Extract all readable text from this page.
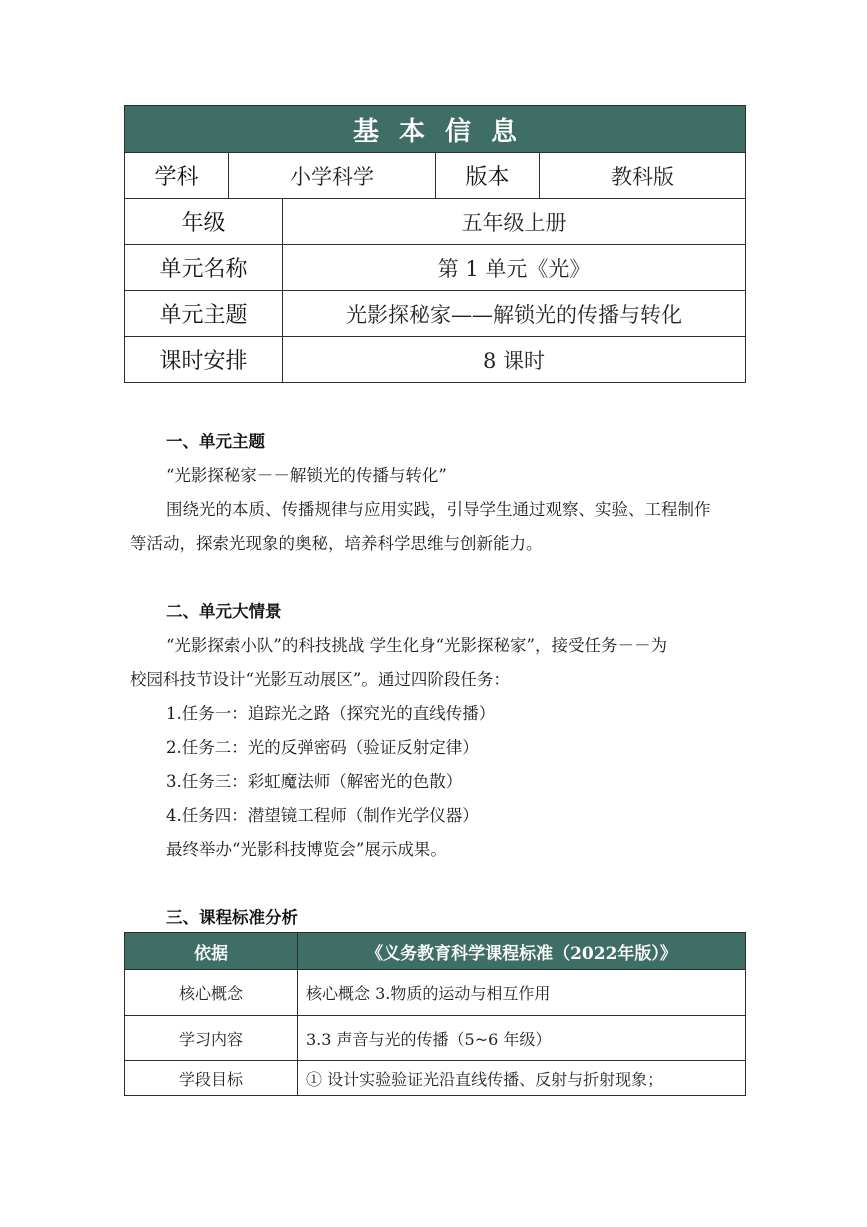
基本信息				
学科	小学科学		版本	教科版
年级		五年级上册		
单元名称		第 1 单元《光》		
单元主题		光影探秘家——解锁光的传播与转化		
课时安排		8 课时		
一、单元主题
“光影探秘家－－解锁光的传播与转化”
围绕光的本质、传播规律与应用实践，引导学生通过观察、实验、工程制作
等活动，探索光现象的奥秘，培养科学思维与创新能力。
二、单元大情景
“光影探索小队”的科技挑战 学生化身“光影探秘家”，接受任务－－为
校园科技节设计“光影互动展区”。通过四阶段任务：
1.任务一：追踪光之路（探究光的直线传播）
2.任务二：光的反弹密码（验证反射定律）
3.任务三：彩虹魔法师（解密光的色散）
4.任务四：潜望镜工程师（制作光学仪器）
最终举办“光影科技博览会”展示成果。
三、课程标准分析
依据	《义务教育科学课程标准（2022年版）》
核心概念	核心概念 3.物质的运动与相互作用
学习内容	3.3 声音与光的传播（5~6 年级）
学段目标	① 设计实验验证光沿直线传播、反射与折射现象；
